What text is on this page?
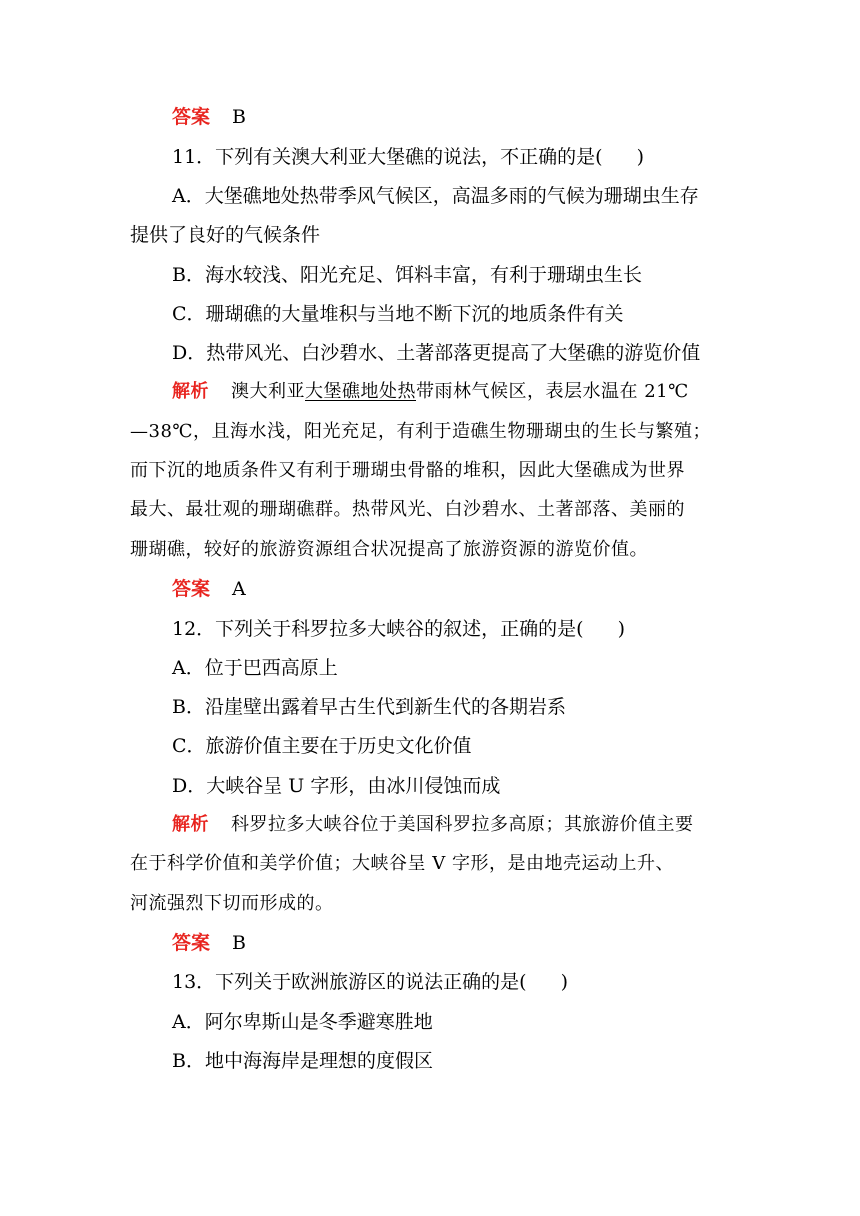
答案 B
11．下列有关澳大利亚大堡礁的说法，不正确的是( )
A．大堡礁地处热带季风气候区，高温多雨的气候为珊瑚虫生存
提供了良好的气候条件
B．海水较浅、阳光充足、饵料丰富，有利于珊瑚虫生长
C．珊瑚礁的大量堆积与当地不断下沉的地质条件有关
D．热带风光、白沙碧水、土著部落更提高了大堡礁的游览价值
解析 澳大利亚大堡礁地处热带雨林气候区，表层水温在 21℃
—38℃，且海水浅，阳光充足，有利于造礁生物珊瑚虫的生长与繁殖；
而下沉的地质条件又有利于珊瑚虫骨骼的堆积，因此大堡礁成为世界
最大、最壮观的珊瑚礁群。热带风光、白沙碧水、土著部落、美丽的
珊瑚礁，较好的旅游资源组合状况提高了旅游资源的游览价值。
答案 A
12．下列关于科罗拉多大峡谷的叙述，正确的是( )
A．位于巴西高原上
B．沿崖壁出露着早古生代到新生代的各期岩系
C．旅游价值主要在于历史文化价值
D．大峡谷呈 U 字形，由冰川侵蚀而成
解析 科罗拉多大峡谷位于美国科罗拉多高原；其旅游价值主要
在于科学价值和美学价值；大峡谷呈 V 字形，是由地壳运动上升、
河流强烈下切而形成的。
答案 B
13．下列关于欧洲旅游区的说法正确的是( )
A．阿尔卑斯山是冬季避寒胜地
B．地中海海岸是理想的度假区
